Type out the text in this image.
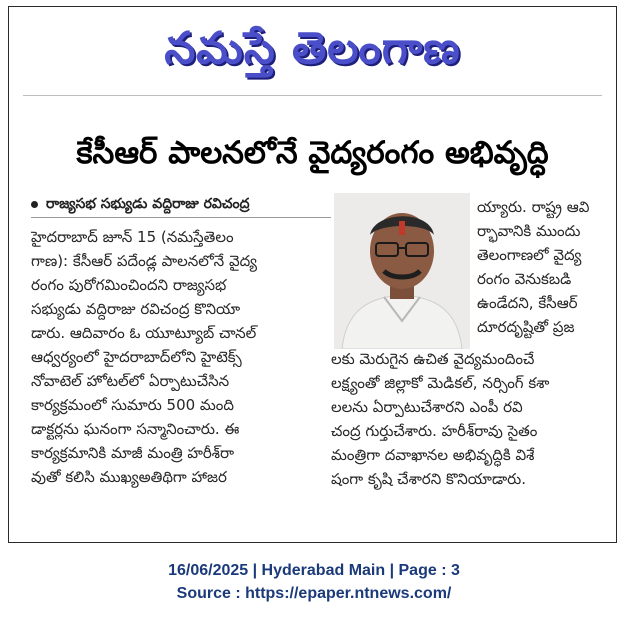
నమస్తే తెలంగాణ
కేసీఆర్ పాలనలోనే వైద్యరంగం అభివృద్ధి
రాజ్యసభ సభ్యుడు వద్దిరాజు రవిచంద్ర
హైదరాబాద్ జూన్ 15 (నమస్తేతెలం
గాణ): కేసీఆర్ పదేండ్ల పాలనలోనే వైద్య
రంగం పురోగమించిందని రాజ్యసభ
సభ్యుడు వద్దిరాజు రవిచంద్ర కొనియా
డారు. ఆదివారం ఓ యూట్యూబ్ చానల్
ఆధ్వర్యంలో హైదరాబాద్‌లోని హైటెక్స్
నోవాటెల్ హోటల్‌లో ఏర్పాటుచేసిన
కార్యక్రమంలో సుమారు 500 మంది
డాక్టర్లను ఘనంగా సన్మానించారు. ఈ
కార్యక్రమానికి మాజీ మంత్రి హరీశ్‌రా
వుతో కలిసి ముఖ్యఅతిథిగా హాజర
య్యారు. రాష్ట్ర ఆవి
ర్భావానికి ముందు
తెలంగాణలో వైద్య
రంగం వెనుకబడి
ఉండేదని, కేసీఆర్
దూరదృష్టితో ప్రజ
లకు మెరుగైన ఉచిత వైద్యమందించే
లక్ష్యంతో జిల్లాకో మెడికల్, నర్సింగ్ కశా
లలను ఏర్పాటుచేశారని ఎంపీ రవి
చంద్ర గుర్తుచేశారు. హరీశ్‌రావు సైతం
మంత్రిగా దవాఖానల అభివృద్ధికి విశే
షంగా కృషి చేశారని కొనియాడారు.
16/06/2025 | Hyderabad Main | Page : 3
Source : https://epaper.ntnews.com/
